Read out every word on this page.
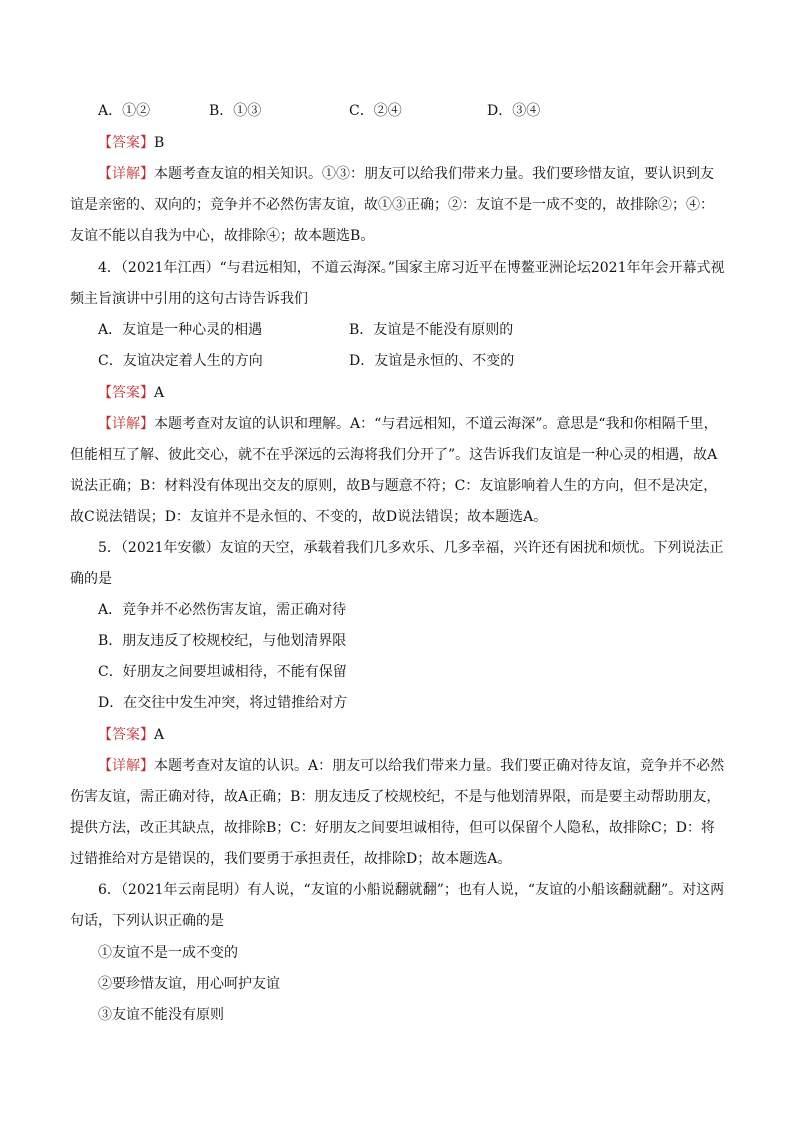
A．①②	B．①③	C．②④	D．③④
【答案】B
【详解】本题考查友谊的相关知识。①③：朋友可以给我们带来力量。我们要珍惜友谊，要认识到友
谊是亲密的、双向的；竞争并不必然伤害友谊，故①③正确；②：友谊不是一成不变的，故排除②；④：
友谊不能以自我为中心，故排除④；故本题选B。
4．（2021年江西）“与君远相知，不道云海深。”国家主席习近平在博鳌亚洲论坛2021年年会开幕式视
频主旨演讲中引用的这句古诗告诉我们
A．友谊是一种心灵的相遇	B．友谊是不能没有原则的
C．友谊决定着人生的方向	D．友谊是永恒的、不变的
【答案】A
【详解】本题考查对友谊的认识和理解。A：“与君远相知，不道云海深”。意思是“我和你相隔千里，
但能相互了解、彼此交心，就不在乎深远的云海将我们分开了”。这告诉我们友谊是一种心灵的相遇，故A
说法正确；B：材料没有体现出交友的原则，故B与题意不符；C：友谊影响着人生的方向，但不是决定，
故C说法错误；D：友谊并不是永恒的、不变的，故D说法错误；故本题选A。
5．（2021年安徽）友谊的天空，承载着我们几多欢乐、几多幸福，兴许还有困扰和烦忧。下列说法正
确的是
A．竞争并不必然伤害友谊，需正确对待
B．朋友违反了校规校纪，与他划清界限
C．好朋友之间要坦诚相待，不能有保留
D．在交往中发生冲突，将过错推给对方
【答案】A
【详解】本题考查对友谊的认识。A：朋友可以给我们带来力量。我们要正确对待友谊，竞争并不必然
伤害友谊，需正确对待，故A正确；B：朋友违反了校规校纪，不是与他划清界限，而是要主动帮助朋友，
提供方法，改正其缺点，故排除B；C：好朋友之间要坦诚相待，但可以保留个人隐私，故排除C；D：将
过错推给对方是错误的，我们要勇于承担责任，故排除D；故本题选A。
6．（2021年云南昆明）有人说，“友谊的小船说翻就翻”；也有人说，“友谊的小船该翻就翻”。对这两
句话，下列认识正确的是
①友谊不是一成不变的
②要珍惜友谊，用心呵护友谊
③友谊不能没有原则
